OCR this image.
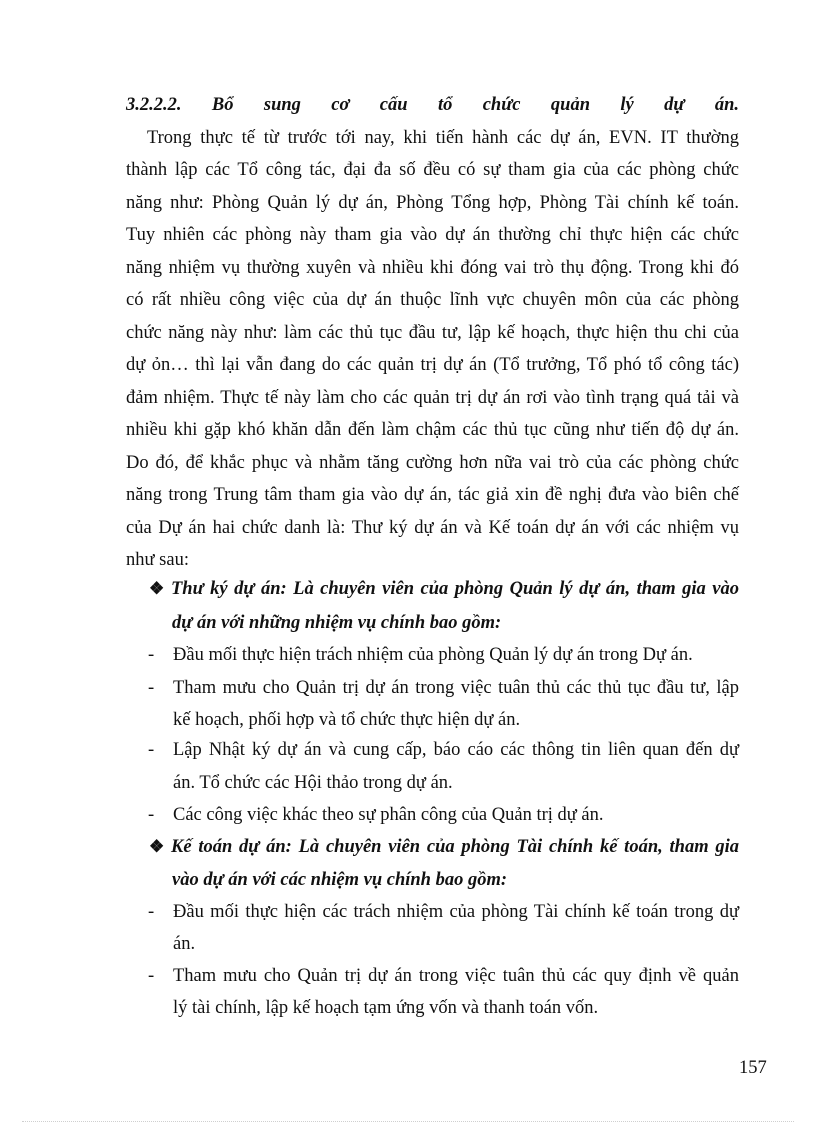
3.2.2.2. Bổ sung cơ cấu tổ chức quản lý dự án.
Trong thực tế từ trước tới nay, khi tiến hành các dự án, EVN. IT thường
thành lập các Tổ công tác, đại đa số đều có sự tham gia của các phòng chức
năng như: Phòng Quản lý dự án, Phòng Tổng hợp, Phòng Tài chính kế toán.
Tuy nhiên các phòng này tham gia vào dự án thường chỉ thực hiện các chức
năng nhiệm vụ thường xuyên và nhiều khi đóng vai trò thụ động. Trong khi đó
có rất nhiều công việc của dự án thuộc lĩnh vực chuyên môn của các phòng
chức năng này như: làm các thủ tục đầu tư, lập kế hoạch, thực hiện thu chi của
dự ỏn… thì lại vẫn đang do các quản trị dự án (Tổ trưởng, Tổ phó tổ công tác)
đảm nhiệm. Thực tế này làm cho các quản trị dự án rơi vào tình trạng quá tải và
nhiều khi gặp khó khăn dẫn đến làm chậm các thủ tục cũng như tiến độ dự án.
Do đó, để khắc phục và nhằm tăng cường hơn nữa vai trò của các phòng chức
năng trong Trung tâm tham gia vào dự án, tác giả xin đề nghị đưa vào biên chế
của Dự án hai chức danh là: Thư ký dự án và Kế toán dự án với các nhiệm vụ
như sau:
❖ Thư ký dự án: Là chuyên viên của phòng Quản lý dự án, tham gia vào
dự án với những nhiệm vụ chính bao gồm:
- Đầu mối thực hiện trách nhiệm của phòng Quản lý dự án trong Dự án.
- Tham mưu cho Quản trị dự án trong việc tuân thủ các thủ tục đầu tư, lập
kế hoạch, phối hợp và tổ chức thực hiện dự án.
- Lập Nhật ký dự án và cung cấp, báo cáo các thông tin liên quan đến dự
án. Tổ chức các Hội thảo trong dự án.
- Các công việc khác theo sự phân công của Quản trị dự án.
❖ Kế toán dự án: Là chuyên viên của phòng Tài chính kế toán, tham gia
vào dự án với các nhiệm vụ chính bao gồm:
- Đầu mối thực hiện các trách nhiệm của phòng Tài chính kế toán trong dự
án.
- Tham mưu cho Quản trị dự án trong việc tuân thủ các quy định về quản
lý tài chính, lập kế hoạch tạm ứng vốn và thanh toán vốn.
157
